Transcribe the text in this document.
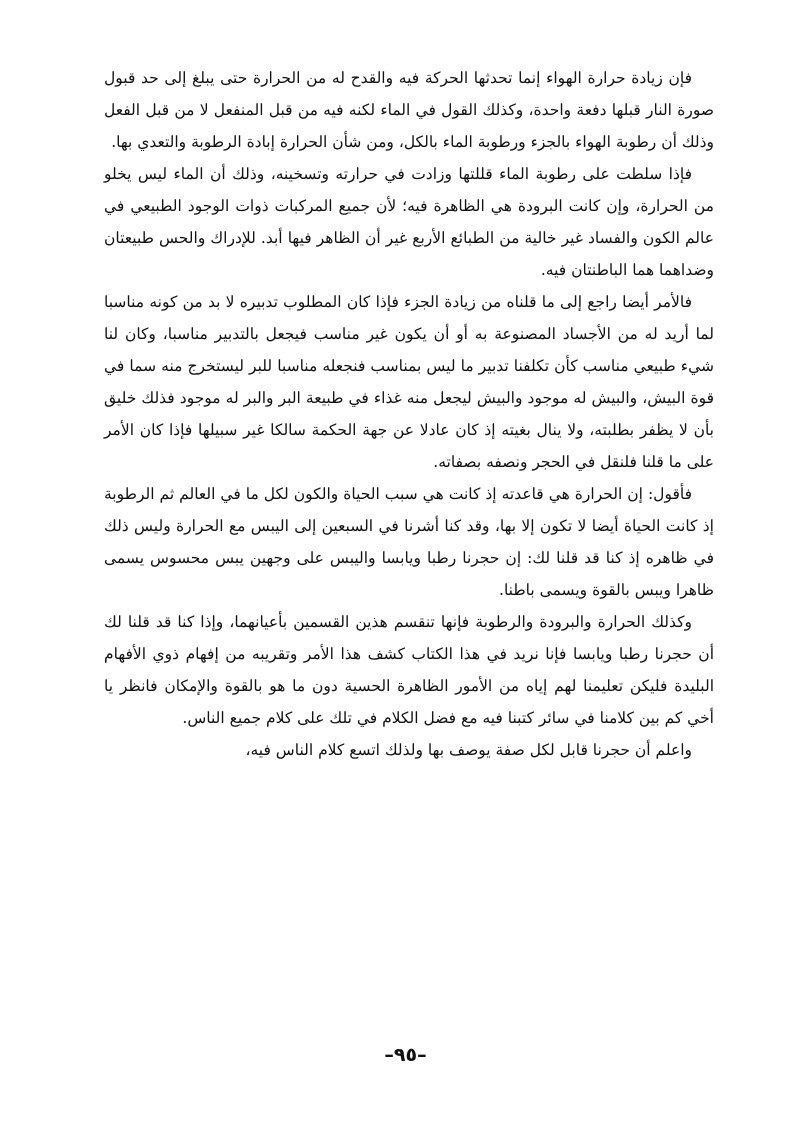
فإن زيادة حرارة الهواء إنما تحدثها الحركة فيه والقدح له من الحرارة حتى يبلغ إلى حد قبول صورة النار قبلها دفعة واحدة، وكذلك القول في الماء لكنه فيه من قبل المنفعل لا من قبل الفعل وذلك أن رطوبة الهواء بالجزء ورطوبة الماء بالكل، ومن شأن الحرارة إبادة الرطوبة والتعدي بها.

فإذا سلطت على رطوبة الماء قللتها وزادت في حرارته وتسخينه، وذلك أن الماء ليس يخلو من الحرارة، وإن كانت البرودة هي الظاهرة فيه؛ لأن جميع المركبات ذوات الوجود الطبيعي في عالم الكون والفساد غير خالية من الطبائع الأربع غير أن الظاهر فيها أبد. للإدراك والحس طبيعتان وضداهما هما الباطنتان فيه.

فالأمر أيضا راجع إلى ما قلناه من زيادة الجزء فإذا كان المطلوب تدبيره لا بد من كونه مناسبا لما أريد له من الأجساد المصنوعة به أو أن يكون غير مناسب فيجعل بالتدبير مناسبا، وكان لنا شيء طبيعي مناسب كأن تكلفنا تدبير ما ليس بمناسب فنجعله مناسبا للبر ليستخرج منه سما في قوة البيش، والبيش له موجود والبيش ليجعل منه غذاء في طبيعة البر والبر له موجود فذلك خليق بأن لا يظفر بطلبته، ولا ينال بغيته إذ كان عادلا عن جهة الحكمة سالكا غير سبيلها فإذا كان الأمر على ما قلنا فلنقل في الحجر ونصفه بصفاته.

فأقول: إن الحرارة هي قاعدته إذ كانت هي سبب الحياة والكون لكل ما في العالم ثم الرطوبة إذ كانت الحياة أيضا لا تكون إلا بها، وقد كنا أشرنا في السبعين إلى اليبس مع الحرارة وليس ذلك في ظاهره إذ كنا قد قلنا لك: إن حجرنا رطبا ويابسا واليبس على وجهين يبس محسوس يسمى ظاهرا ويبس بالقوة ويسمى باطنا.

وكذلك الحرارة والبرودة والرطوبة فإنها تنقسم هذين القسمين بأعيانهما، وإذا كنا قد قلنا لك أن حجرنا رطبا ويابسا فإنا نريد في هذا الكتاب كشف هذا الأمر وتقريبه من إفهام ذوي الأفهام البليدة فليكن تعليمنا لهم إياه من الأمور الظاهرة الحسية دون ما هو بالقوة والإمكان فانظر يا أخي كم بين كلامنا في سائر كتبنا فيه مع فضل الكلام في تلك على كلام جميع الناس.

واعلم أن حجرنا قابل لكل صفة يوصف بها ولذلك اتسع كلام الناس فيه،

–٩٥–
